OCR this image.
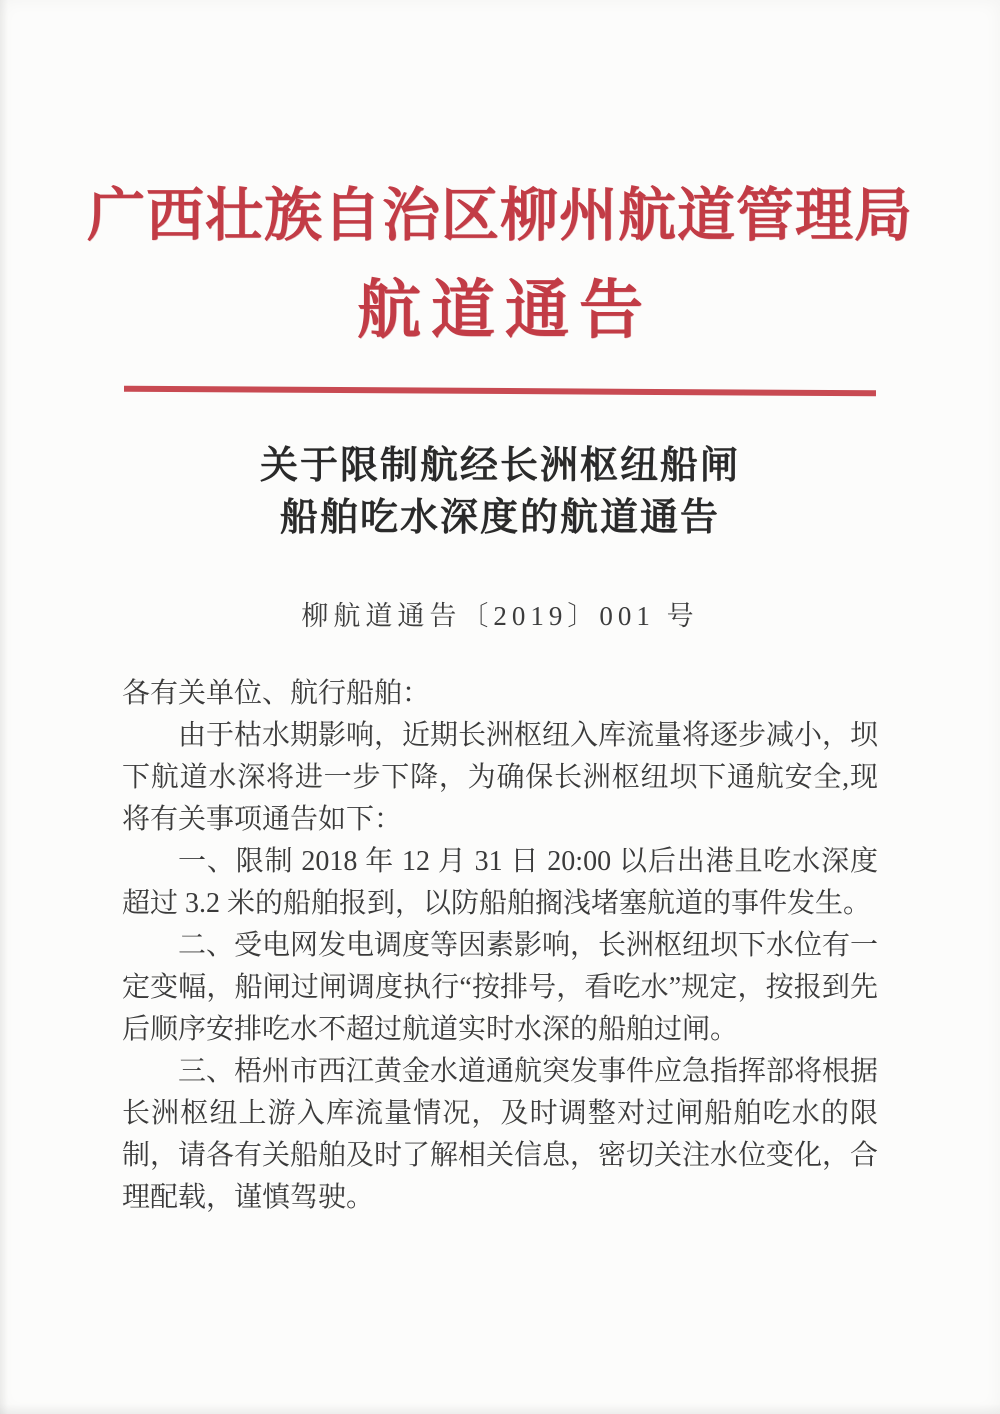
广西壮族自治区柳州航道管理局
航道通告
关于限制航经长洲枢纽船闸
船舶吃水深度的航道通告
柳航道通告〔2019〕001 号

各有关单位、航行船舶：

由于枯水期影响，近期长洲枢纽入库流量将逐步减小，坝下航道水深将进一步下降，为确保长洲枢纽坝下通航安全,现将有关事项通告如下：

一、限制 2018 年 12 月 31 日 20:00 以后出港且吃水深度超过 3.2 米的船舶报到，以防船舶搁浅堵塞航道的事件发生。

二、受电网发电调度等因素影响，长洲枢纽坝下水位有一定变幅，船闸过闸调度执行“按排号，看吃水”规定，按报到先后顺序安排吃水不超过航道实时水深的船舶过闸。

三、梧州市西江黄金水道通航突发事件应急指挥部将根据长洲枢纽上游入库流量情况，及时调整对过闸船舶吃水的限制，请各有关船舶及时了解相关信息，密切关注水位变化，合理配载，谨慎驾驶。
